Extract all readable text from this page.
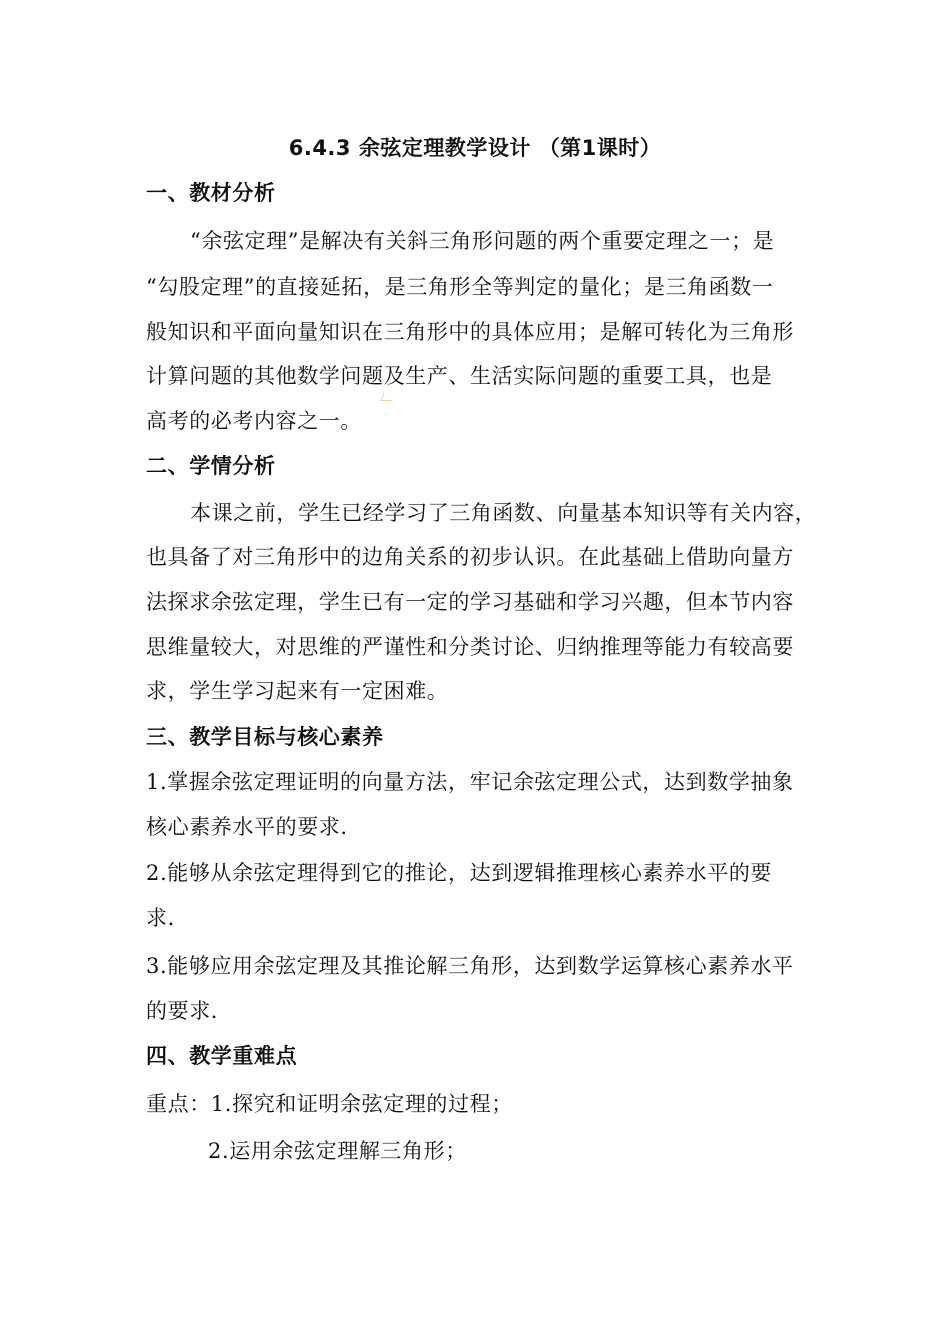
6.4.3 余弦定理教学设计 （第1课时）
一、教材分析
“余弦定理”是解决有关斜三角形问题的两个重要定理之一；是
“勾股定理”的直接延拓，是三角形全等判定的量化；是三角函数一
般知识和平面向量知识在三角形中的具体应用；是解可转化为三角形
计算问题的其他数学问题及生产、生活实际问题的重要工具，也是
高考的必考内容之一。
二、学情分析
本课之前，学生已经学习了三角函数、向量基本知识等有关内容，
也具备了对三角形中的边角关系的初步认识。在此基础上借助向量方
法探求余弦定理，学生已有一定的学习基础和学习兴趣，但本节内容
思维量较大，对思维的严谨性和分类讨论、归纳推理等能力有较高要
求，学生学习起来有一定困难。
三、教学目标与核心素养
1.掌握余弦定理证明的向量方法，牢记余弦定理公式，达到数学抽象
核心素养水平的要求.
2.能够从余弦定理得到它的推论，达到逻辑推理核心素养水平的要
求.
3.能够应用余弦定理及其推论解三角形，达到数学运算核心素养水平
的要求.
四、教学重难点
重点：1.探究和证明余弦定理的过程；
2.运用余弦定理解三角形；
